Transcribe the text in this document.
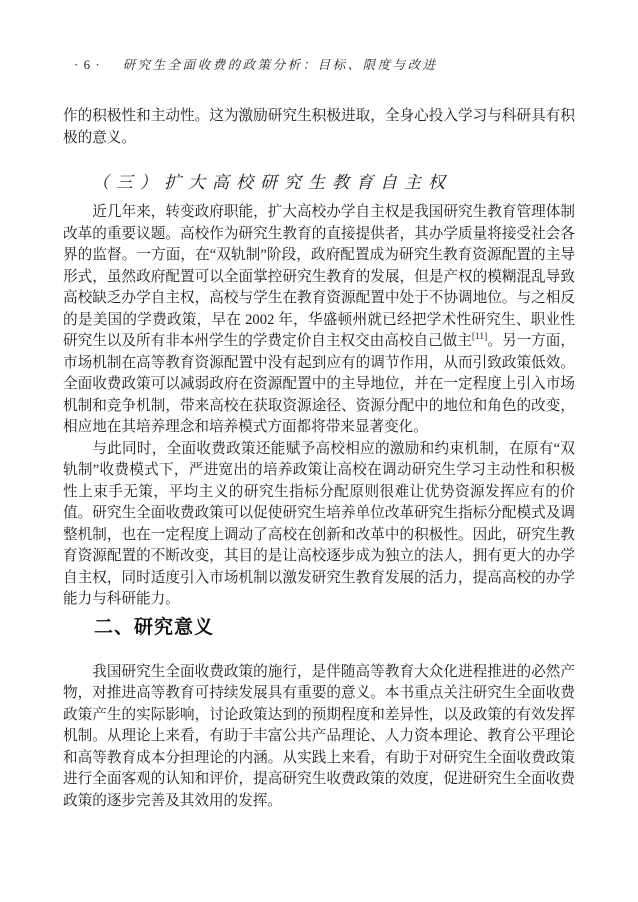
· 6 · 研究生全面收费的政策分析：目标、限度与改进

作的积极性和主动性。这为激励研究生积极进取，全身心投入学习与科研具有积极的意义。

（三）扩大高校研究生教育自主权

近几年来，转变政府职能，扩大高校办学自主权是我国研究生教育管理体制改革的重要议题。高校作为研究生教育的直接提供者，其办学质量将接受社会各界的监督。一方面，在“双轨制”阶段，政府配置成为研究生教育资源配置的主导形式，虽然政府配置可以全面掌控研究生教育的发展，但是产权的模糊混乱导致高校缺乏办学自主权，高校与学生在教育资源配置中处于不协调地位。与之相反的是美国的学费政策，早在 2002 年，华盛顿州就已经把学术性研究生、职业性研究生以及所有非本州学生的学费定价自主权交由高校自己做主[11]。另一方面，市场机制在高等教育资源配置中没有起到应有的调节作用，从而引致政策低效。全面收费政策可以减弱政府在资源配置中的主导地位，并在一定程度上引入市场机制和竞争机制，带来高校在获取资源途径、资源分配中的地位和角色的改变，相应地在其培养理念和培养模式方面都将带来显著变化。

与此同时，全面收费政策还能赋予高校相应的激励和约束机制，在原有“双轨制”收费模式下，严进宽出的培养政策让高校在调动研究生学习主动性和积极性上束手无策，平均主义的研究生指标分配原则很难让优势资源发挥应有的价值。研究生全面收费政策可以促使研究生培养单位改革研究生指标分配模式及调整机制，也在一定程度上调动了高校在创新和改革中的积极性。因此，研究生教育资源配置的不断改变，其目的是让高校逐步成为独立的法人，拥有更大的办学自主权，同时适度引入市场机制以激发研究生教育发展的活力，提高高校的办学能力与科研能力。

二、研究意义

我国研究生全面收费政策的施行，是伴随高等教育大众化进程推进的必然产物，对推进高等教育可持续发展具有重要的意义。本书重点关注研究生全面收费政策产生的实际影响，讨论政策达到的预期程度和差异性，以及政策的有效发挥机制。从理论上来看，有助于丰富公共产品理论、人力资本理论、教育公平理论和高等教育成本分担理论的内涵。从实践上来看，有助于对研究生全面收费政策进行全面客观的认知和评价，提高研究生收费政策的效度，促进研究生全面收费政策的逐步完善及其效用的发挥。
